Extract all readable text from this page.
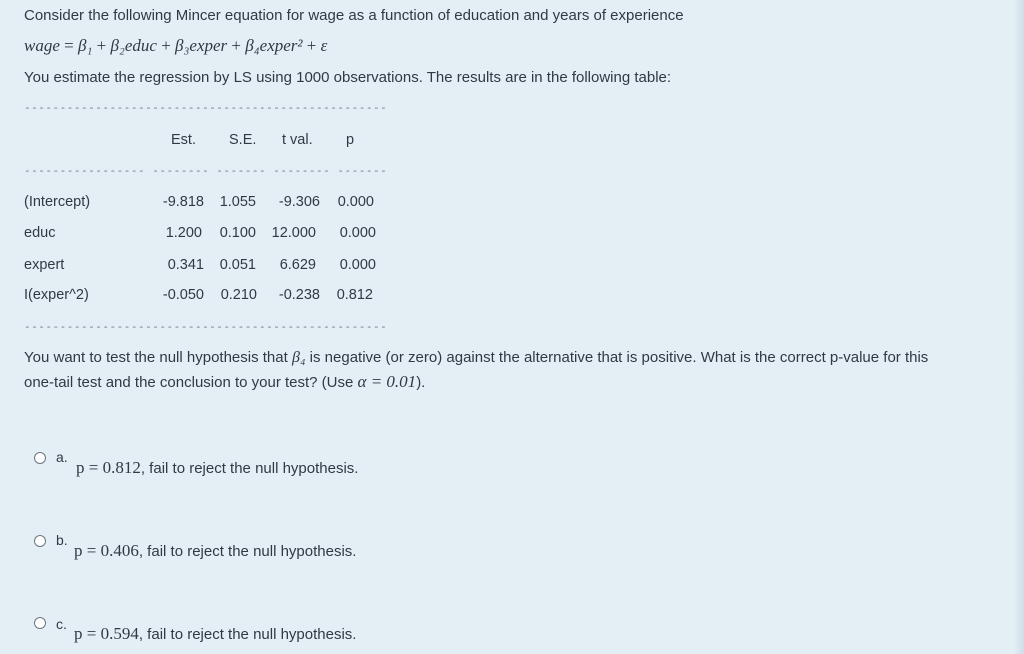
Consider the following Mincer equation for wage as a function of education and years of experience
wage = β₁ + β₂educ + β₃exper + β₄exper² + ε
You estimate the regression by LS using 1000 observations. The results are in the following table:
---------------------------------------------------
Est. S.E. t val. p
----------------- -------- ------- -------- -------
(Intercept)	-9.818	1.055	-9.306	0.000
educ	1.200	0.100	12.000	0.000
expert	0.341	0.051	6.629	0.000
I(exper^2)	-0.050	0.210	-0.238	0.812
---------------------------------------------------
You want to test the null hypothesis that β₄ is negative (or zero) against the alternative that is positive. What is the correct p-value for this
one-tail test and the conclusion to your test? (Use α = 0.01).
a.
p = 0.812, fail to reject the null hypothesis.
b.
p = 0.406, fail to reject the null hypothesis.
c. p = 0.594, fail to reject the null hypothesis.
